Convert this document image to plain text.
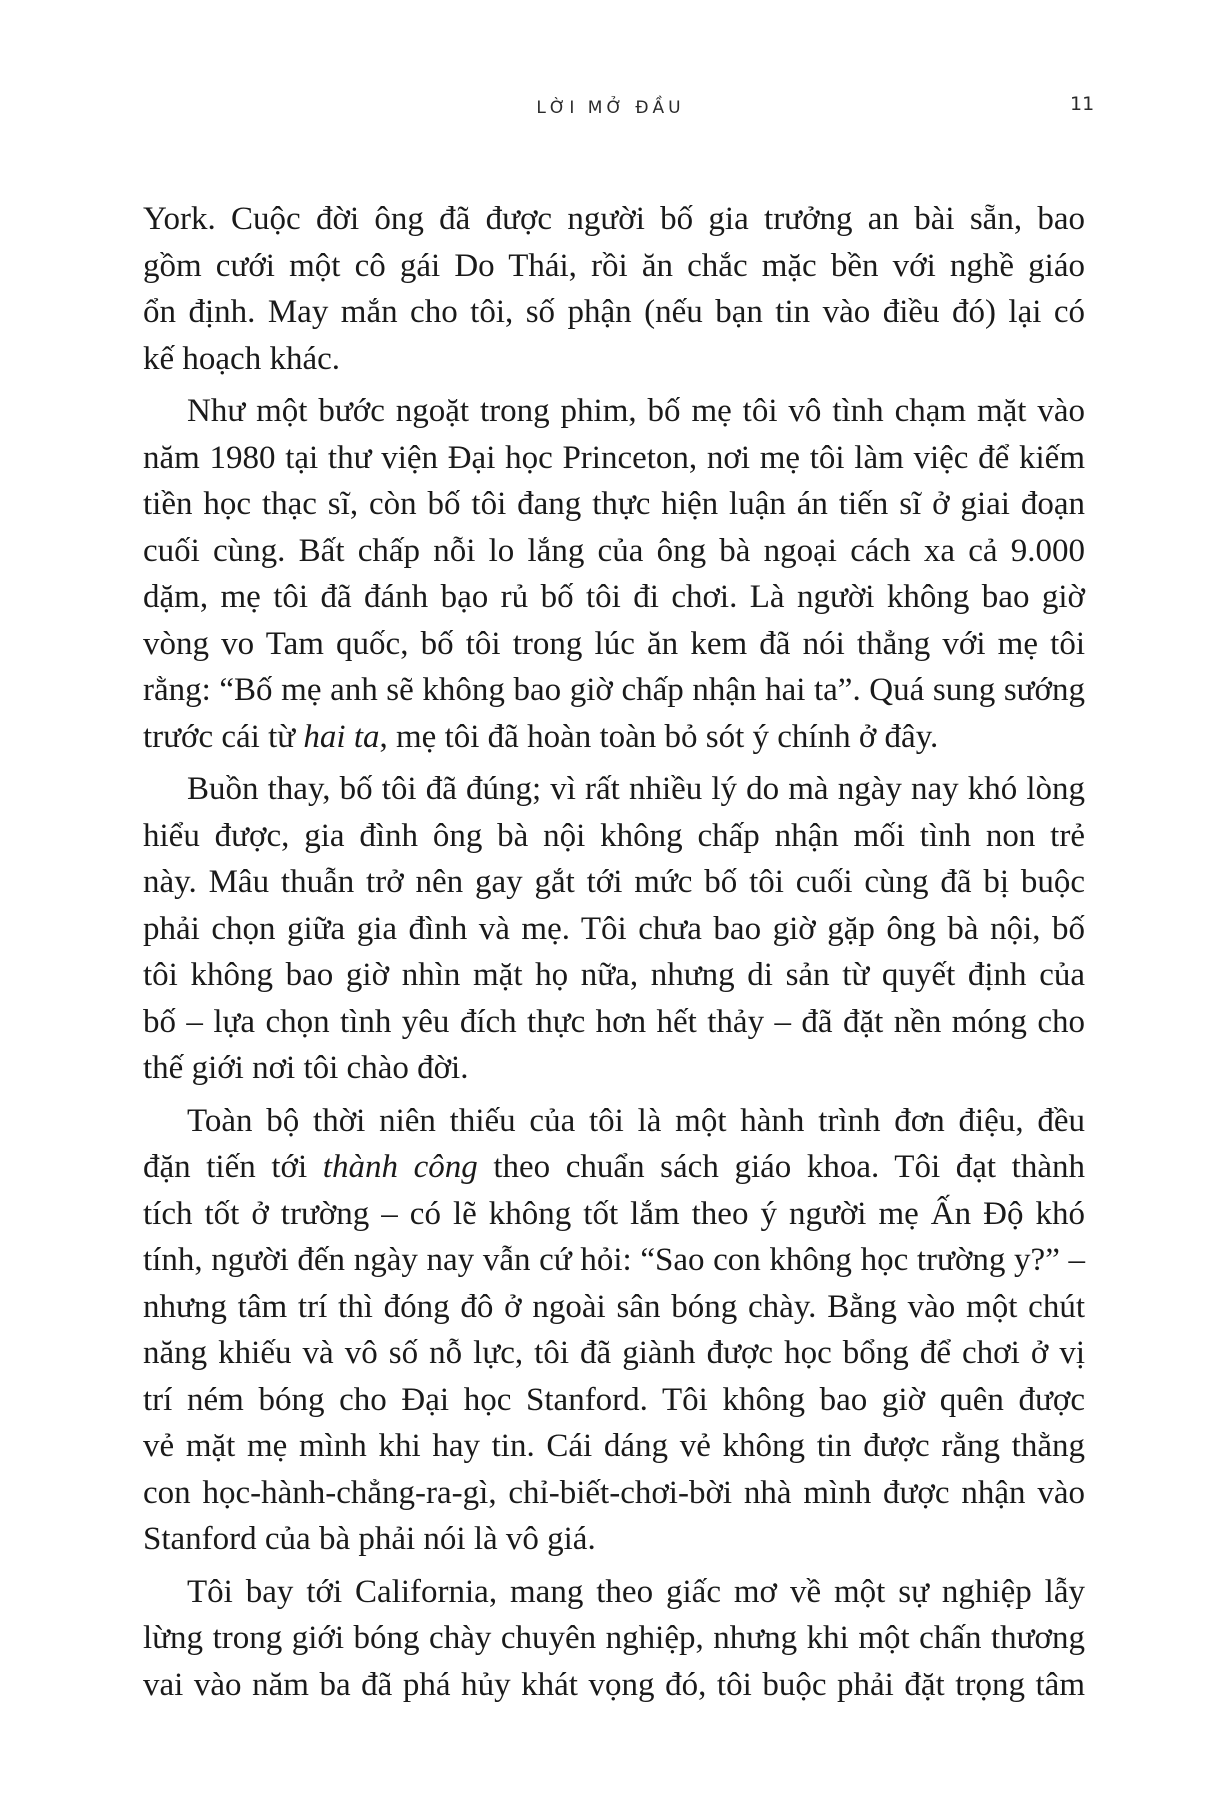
LỜI MỞ ĐẦU	11

York. Cuộc đời ông đã được người bố gia trưởng an bài sẵn, bao

gồm cưới một cô gái Do Thái, rồi ăn chắc mặc bền với nghề giáo

ổn định. May mắn cho tôi, số phận (nếu bạn tin vào điều đó) lại có

kế hoạch khác.

Như một bước ngoặt trong phim, bố mẹ tôi vô tình chạm mặt vào

năm 1980 tại thư viện Đại học Princeton, nơi mẹ tôi làm việc để kiếm

tiền học thạc sĩ, còn bố tôi đang thực hiện luận án tiến sĩ ở giai đoạn

cuối cùng. Bất chấp nỗi lo lắng của ông bà ngoại cách xa cả 9.000

dặm, mẹ tôi đã đánh bạo rủ bố tôi đi chơi. Là người không bao giờ

vòng vo Tam quốc, bố tôi trong lúc ăn kem đã nói thẳng với mẹ tôi

rằng: “Bố mẹ anh sẽ không bao giờ chấp nhận hai ta”. Quá sung sướng

trước cái từ hai ta, mẹ tôi đã hoàn toàn bỏ sót ý chính ở đây.

Buồn thay, bố tôi đã đúng; vì rất nhiều lý do mà ngày nay khó lòng

hiểu được, gia đình ông bà nội không chấp nhận mối tình non trẻ

này. Mâu thuẫn trở nên gay gắt tới mức bố tôi cuối cùng đã bị buộc

phải chọn giữa gia đình và mẹ. Tôi chưa bao giờ gặp ông bà nội, bố

tôi không bao giờ nhìn mặt họ nữa, nhưng di sản từ quyết định của

bố – lựa chọn tình yêu đích thực hơn hết thảy – đã đặt nền móng cho

thế giới nơi tôi chào đời.

Toàn bộ thời niên thiếu của tôi là một hành trình đơn điệu, đều

đặn tiến tới thành công theo chuẩn sách giáo khoa. Tôi đạt thành

tích tốt ở trường – có lẽ không tốt lắm theo ý người mẹ Ấn Độ khó

tính, người đến ngày nay vẫn cứ hỏi: “Sao con không học trường y?” –

nhưng tâm trí thì đóng đô ở ngoài sân bóng chày. Bằng vào một chút

năng khiếu và vô số nỗ lực, tôi đã giành được học bổng để chơi ở vị

trí ném bóng cho Đại học Stanford. Tôi không bao giờ quên được

vẻ mặt mẹ mình khi hay tin. Cái dáng vẻ không tin được rằng thằng

con học-hành-chẳng-ra-gì, chỉ-biết-chơi-bời nhà mình được nhận vào

Stanford của bà phải nói là vô giá.

Tôi bay tới California, mang theo giấc mơ về một sự nghiệp lẫy

lừng trong giới bóng chày chuyên nghiệp, nhưng khi một chấn thương

vai vào năm ba đã phá hủy khát vọng đó, tôi buộc phải đặt trọng tâm
